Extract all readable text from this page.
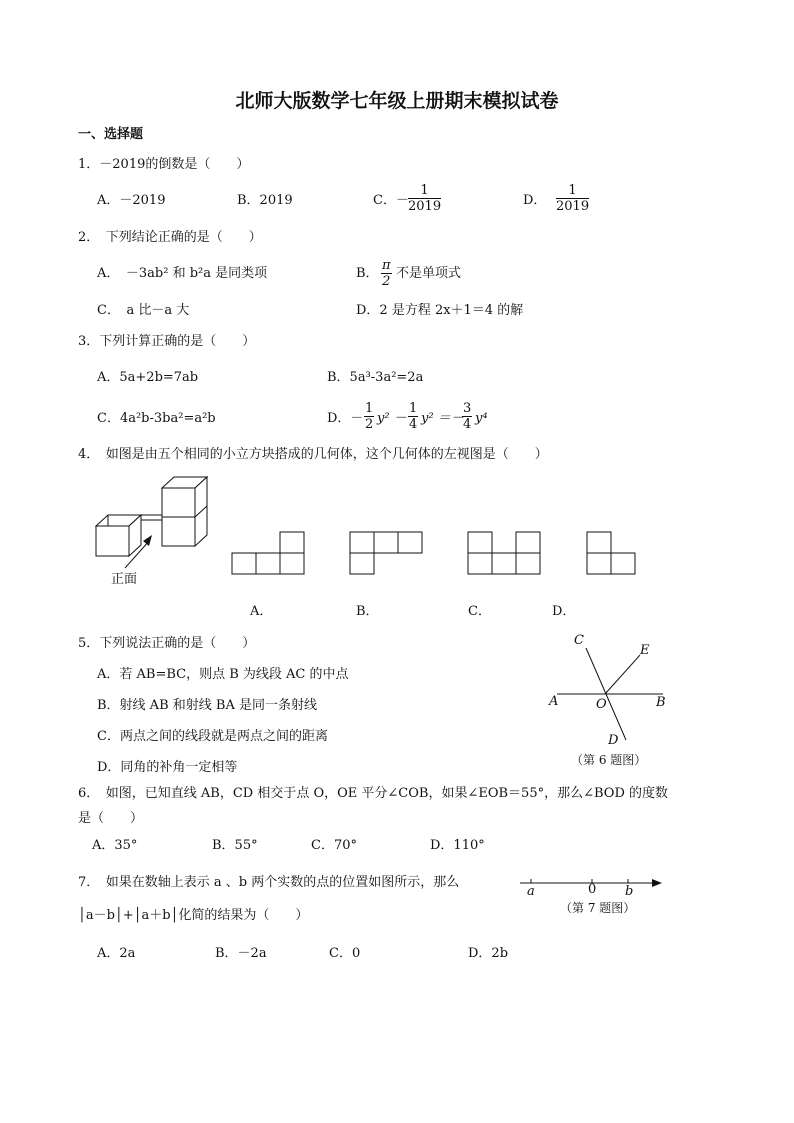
北师大版数学七年级上册期末模拟试卷
一、选择题
1．－2019的倒数是（　　）
A．－2019	B．2019	C．－ $\frac{1}{2019}$	D． $\frac{1}{2019}$
2．　下列结论正确的是（　　）
A．　－3ab² 和 b²a 是同类项	B． $\frac{\pi}{2}$ 不是单项式
C．　a 比－a 大	D．2 是方程 2x＋1＝4 的解
3．下列计算正确的是（　　）
A．5a+2b=7ab	B．5a³-3a²=2a
C．4a²b-3ba²=a²b	D．－ $\frac{1}{2} y^2 - \frac{1}{4} y^2$ ＝－
$\frac{3}{4} y^4$
4．　如图是由五个相同的小立方块搭成的几何体，这个几何体的左视图是（　　）
正面
A．	B．	C．	D．
5．下列说法正确的是（　　）
A．若 AB=BC，则点 B 为线段 AC 的中点
B．射线 AB 和射线 BA 是同一条射线
C．两点之间的线段就是两点之间的距离
D．同角的补角一定相等
C
E
A	O	B
D
（第 6 题图）
6．　如图，已知直线 AB，CD 相交于点 O，OE 平分∠COB，如果∠EOB＝55°，那么∠BOD 的度数
是（　　）
A．35°	B．55°	C．70°	D．110°
7．　如果在数轴上表示 a 、b 两个实数的点的位置如图所示，那么
a	0 b
（第 7 题图）
│a－b│+│a＋b│化简的结果为（　　）
A．2a	B．－2a	C．0	D．2b
